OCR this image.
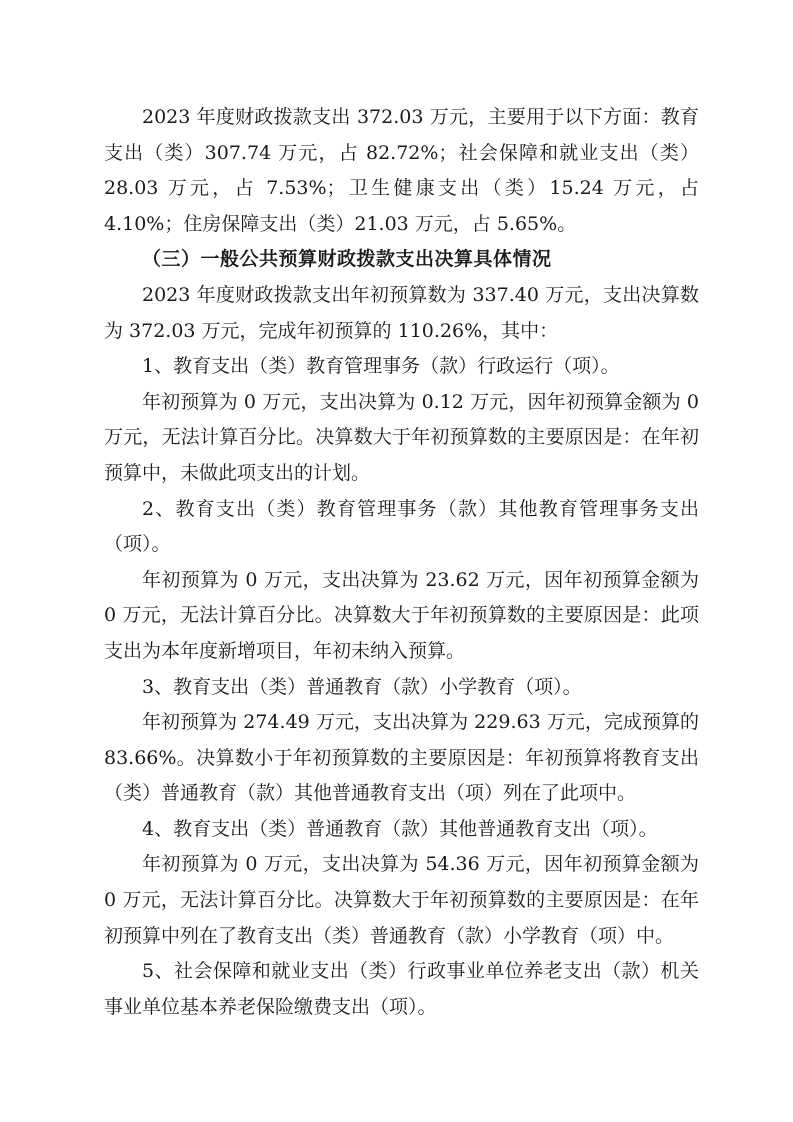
2023 年度财政拨款支出 372.03 万元，主要用于以下方面：教育支出（类）307.74 万元，占 82.72%；社会保障和就业支出（类）28.03 万元，占 7.53%；卫生健康支出（类）15.24 万元，占 4.10%；住房保障支出（类）21.03 万元，占 5.65%。

（三）一般公共预算财政拨款支出决算具体情况

2023 年度财政拨款支出年初预算数为 337.40 万元，支出决算数为 372.03 万元，完成年初预算的 110.26%，其中：

1、教育支出（类）教育管理事务（款）行政运行（项）。

年初预算为 0 万元，支出决算为 0.12 万元，因年初预算金额为 0 万元，无法计算百分比。决算数大于年初预算数的主要原因是：在年初预算中，未做此项支出的计划。

2、教育支出（类）教育管理事务（款）其他教育管理事务支出（项）。

年初预算为 0 万元，支出决算为 23.62 万元，因年初预算金额为 0 万元，无法计算百分比。决算数大于年初预算数的主要原因是：此项支出为本年度新增项目，年初未纳入预算。

3、教育支出（类）普通教育（款）小学教育（项）。

年初预算为 274.49 万元，支出决算为 229.63 万元，完成预算的 83.66%。决算数小于年初预算数的主要原因是：年初预算将教育支出（类）普通教育（款）其他普通教育支出（项）列在了此项中。

4、教育支出（类）普通教育（款）其他普通教育支出（项）。

年初预算为 0 万元，支出决算为 54.36 万元，因年初预算金额为 0 万元，无法计算百分比。决算数大于年初预算数的主要原因是：在年初预算中列在了教育支出（类）普通教育（款）小学教育（项）中。

5、社会保障和就业支出（类）行政事业单位养老支出（款）机关事业单位基本养老保险缴费支出（项）。
